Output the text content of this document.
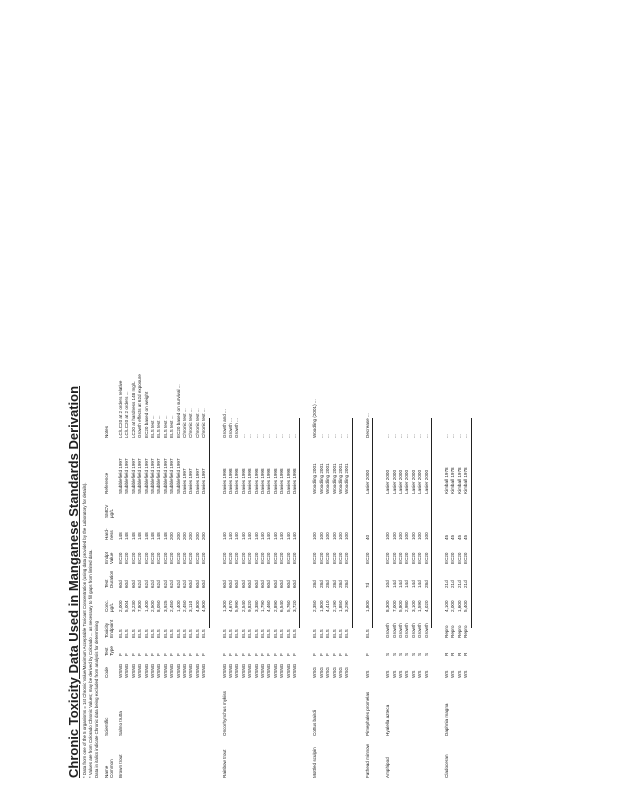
Chronic Toxicity Data Used in Manganese Standards Derivation * Data from one of the 5 organisms = 1st Chronic Value/Maximum Acceptable Toxicant Concentration (using data provided by the Laboratory for details). * Values are from Colorado Chronic Values; may be derived by Colorado ... as necessary to fill gaps from limited data. Data in italics indicate Chronic data being excluded from analysis for determining Name
Common
Scientific
Code
Test
Type
Toxicity
Endpoint
Conc.
µg/L
Test
Duration
Endpt
Value
Hard-
ness
SMCV
µg/L
Reference
Notes
Brown trout
Salmo trutta
WSNG
F
ELS
2,000
60d
EC20
148
Stubblefield 1997
LC/LC20 at 2 orders relative
WSNG
F
ELS
5,004
60d
EC20
148
Stubblefield 1997
LC/LC20 at 2 orders ...
WSNG
F
ELS
3,230
60d
EC20
148
Stubblefield 1997
LC20 at hardness 148 mg/L
WSNG
F
ELS
7,800
62d
EC20
148
Stubblefield 1997
Growth effects at 62d exposure
WSNG
F
ELS
1,400
62d
EC20
148
Stubblefield 1997
EC20 based on weight
WSNG
F
ELS
2,500
62d
EC20
148
Stubblefield 1997
ELS test ...
WSNG
F
ELS
8,050
62d
EC20
148
Stubblefield 1997
ELS test ...
WSNG
F
ELS
3,925
62d
EC20
148
Stubblefield 1997
ELS test ...
WSNG
F
ELS
2,450
62d
EC20
200
Stubblefield 1997
ELS test ...
WSNG
F
ELS
1,400
62d
EC20
200
Stubblefield 1997
EC20 based on survival ...
WSNG
F
ELS
2,450
62d
EC20
200
Davies 1997
Chronic test ...
WSNG
F
ELS
3,110
60d
EC20
200
Davies 1997
Chronic test ...
WSNG
F
ELS
4,800
60d
EC20
200
Davies 1997
Chronic test ...
WSNG
F
ELS
4,900
60d
EC20
200
Davies 1997
Chronic test ...
Rainbow trout
Oncorhynchus mykiss
WSNG
F
ELS
1,300
60d
EC20
140
Davies 1998
Growth and ...
WSNG
F
ELS
4,670
60d
EC20
140
Davies 1998
Growth ...
WSNG
F
ELS
5,990
60d
EC20
140
Davies 1998
Growth ...
WSNG
F
ELS
2,540
60d
EC20
140
Davies 1998
...
WSNG
F
ELS
9,820
60d
EC20
140
Davies 1998
...
WSNG
F
ELS
3,380
60d
EC20
140
Davies 1998
...
WSNG
F
ELS
1,790
60d
EC20
140
Davies 1998
...
WSNG
F
ELS
4,460
60d
EC20
140
Davies 1998
...
WSNG
F
ELS
2,890
60d
EC20
140
Davies 1998
...
WSNG
F
ELS
6,540
60d
EC20
140
Davies 1998
...
WSNG
F
ELS
5,760
60d
EC20
140
Davies 1998
...
WSNG
F
ELS
3,720
60d
EC20
140
Davies 1998
...
Mottled sculpin
Cottus bairdi
WSG
F
ELS
2,350
28d
EC20
100
Woodling 2001
Woodling (2001) ...
WSG
F
ELS
1,800
28d
EC20
100
Woodling 2001
...
WSG
F
ELS
4,410
28d
EC20
100
Woodling 2001
...
WSG
F
ELS
2,190
28d
EC20
100
Woodling 2001
...
WSG
F
ELS
1,850
28d
EC20
100
Woodling 2001
...
WSG
F
ELS
3,290
28d
EC20
100
Woodling 2001
...
Fathead minnow
Pimephales promelas
WS
F
ELS
1,800
7d
EC20
40
Lasier 2000
Decrease ...
Amphipod
Hyalella azteca
WS
S
Growth
8,300
10d
EC20
100
Lasier 2000
...
WS
S
Growth
7,000
14d
EC20
100
Lasier 2000
...
WS
S
Growth
5,800
14d
EC20
100
Lasier 2000
...
WS
S
Growth
2,980
14d
EC20
100
Lasier 2000
...
WS
S
Growth
3,100
14d
EC20
100
Lasier 2000
...
WS
S
Growth
1,590
14d
EC20
100
Lasier 2000
...
WS
S
Growth
4,020
28d
EC20
100
Lasier 2000
...
Cladoceran
Daphnia magna
WS
R
Repro
4,100
21d
EC20
45
Kimball 1978
...
WS
R
Repro
2,000
21d
EC20
45
Kimball 1978
...
WS
R
Repro
1,600
21d
EC20
45
Kimball 1978
...
WS
R
Repro
5,400
21d
EC20
45
Kimball 1978
...
